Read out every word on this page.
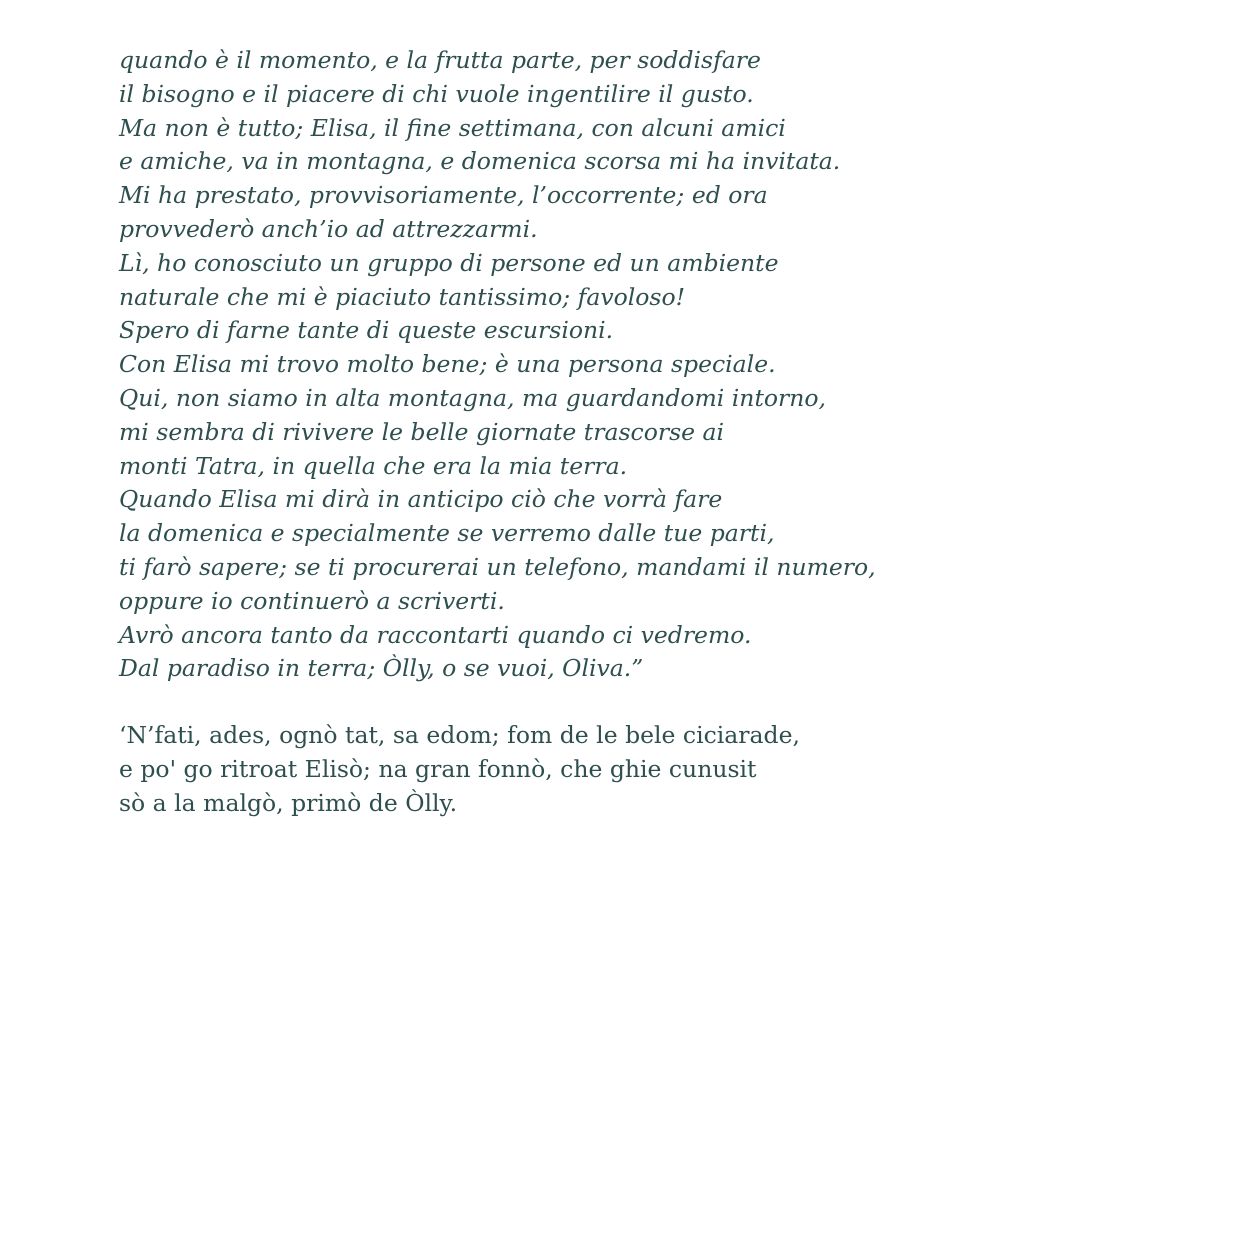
quando è il momento, e la frutta parte, per soddisfare
il bisogno e il piacere di chi vuole ingentilire il gusto.
Ma non è tutto; Elisa, il fine settimana, con alcuni amici
e amiche, va in montagna, e domenica scorsa mi ha invitata.
Mi ha prestato, provvisoriamente, l’occorrente; ed ora
provvederò anch’io ad attrezzarmi.
Lì, ho conosciuto un gruppo di persone ed un ambiente
naturale che mi è piaciuto tantissimo; favoloso!
Spero di farne tante di queste escursioni.
Con Elisa mi trovo molto bene; è una persona speciale.
Qui, non siamo in alta montagna, ma guardandomi intorno,
mi sembra di rivivere le belle giornate trascorse ai
monti Tatra, in quella che era la mia terra.
Quando Elisa mi dirà in anticipo ciò che vorrà fare
la domenica e specialmente se verremo dalle tue parti,
ti farò sapere; se ti procurerai un telefono, mandami il numero,
oppure io continuerò a scriverti.
Avrò ancora tanto da raccontarti quando ci vedremo.
Dal paradiso in terra; Òlly, o se vuoi, Oliva.”
‘N’fati, ades, ognò tat, sa edom; fom de le bele ciciarade,
e po' go ritroat Elisò; na gran fonnò, che ghie cunusit
sò a la malgò, primò de Òlly.
